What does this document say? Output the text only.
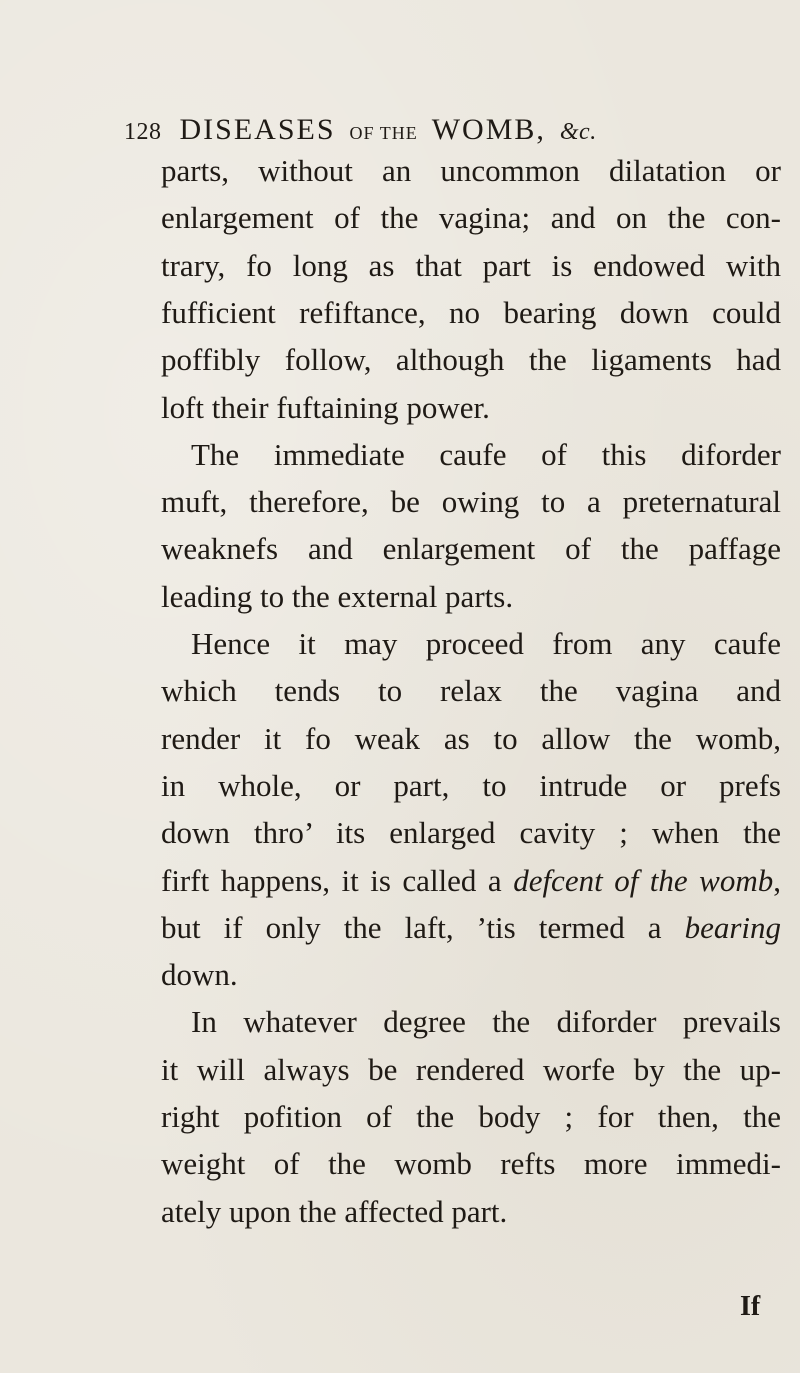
128 DISEASES OF THE WOMB, &c.
parts, without an uncommon dilatation or
enlargement of the vagina; and on the con-
trary, fo long as that part is endowed with
fufficient refiftance, no bearing down could
poffibly follow, although the ligaments had
loft their fuftaining power.
The immediate caufe of this diforder
muft, therefore, be owing to a preternatural
weaknefs and enlargement of the paffage
leading to the external parts.
Hence it may proceed from any caufe
which tends to relax the vagina and
render it fo weak as to allow the womb,
in whole, or part, to intrude or prefs
down thro’ its enlarged cavity ; when the
firft happens, it is called a defcent of the womb,
but if only the laft, ’tis termed a bearing
down.
In whatever degree the diforder prevails
it will always be rendered worfe by the up-
right pofition of the body ; for then, the
weight of the womb refts more immedi-
ately upon the affected part.
If
